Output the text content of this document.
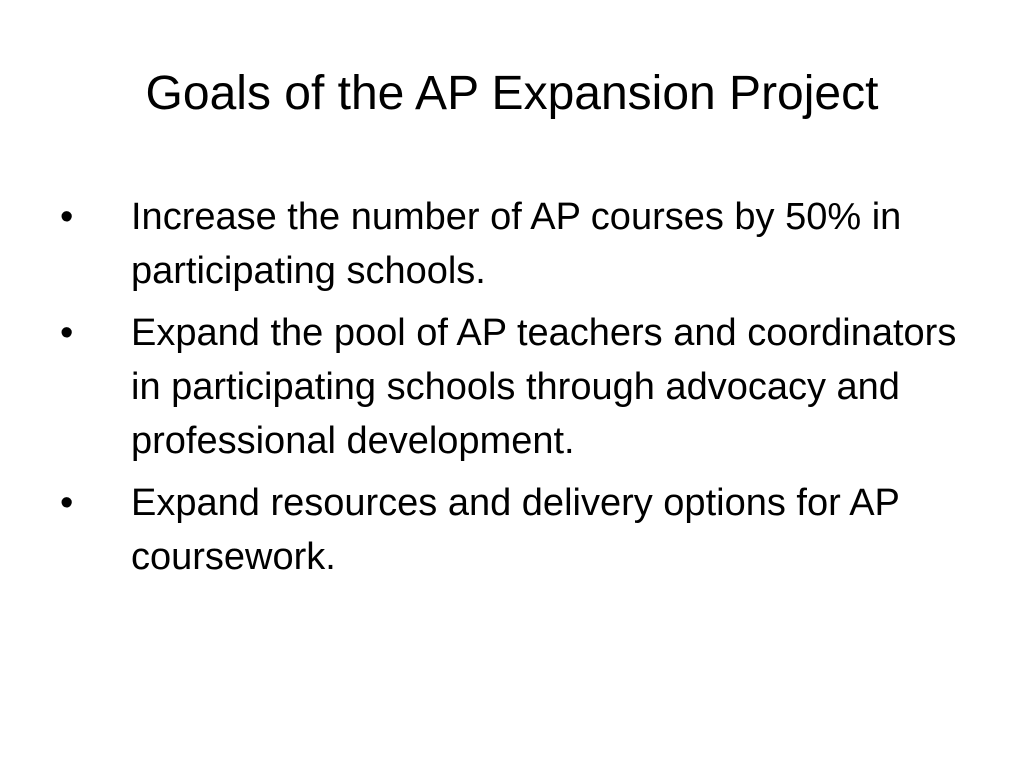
Goals of the AP Expansion Project
•	Increase the number of AP courses by 50% in participating schools.
•	Expand the pool of AP teachers and coordinators in participating schools through advocacy and professional development.
•	Expand resources and delivery options for AP coursework.
